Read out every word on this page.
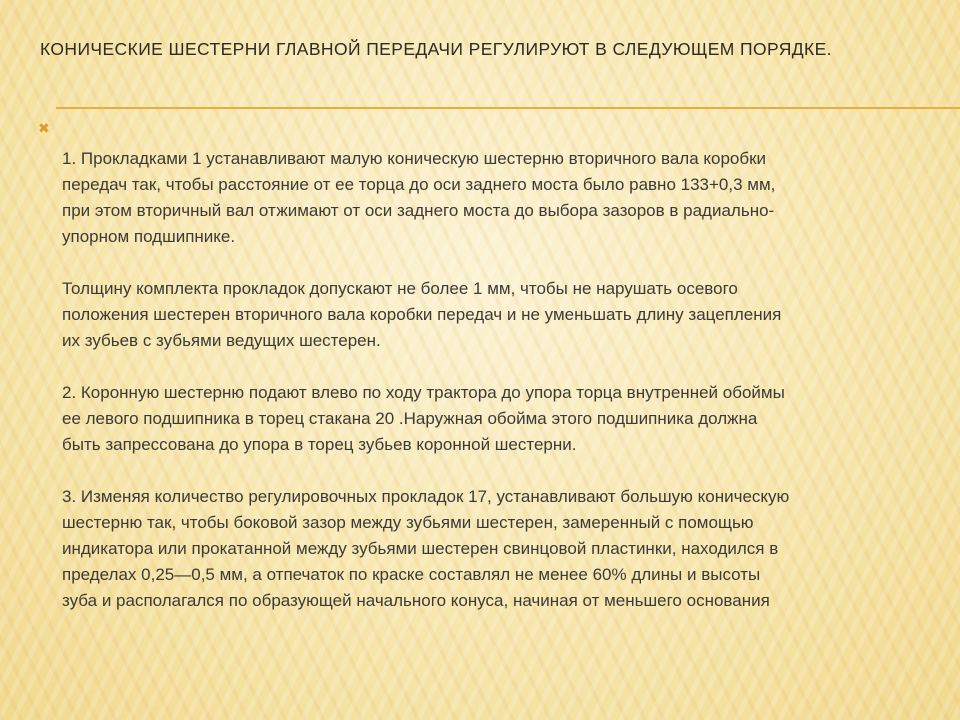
КОНИЧЕСКИЕ ШЕСТЕРНИ ГЛАВНОЙ ПЕРЕДАЧИ РЕГУЛИРУЮТ В СЛЕДУЮЩЕМ ПОРЯДКЕ.
✖

1. Прокладками 1 устанавливают малую коническую шестерню вторичного вала коробки
передач так, чтобы расстояние от ее торца до оси заднего моста было равно 133+0,3 мм,
при этом вторичный вал отжимают от оси заднего моста до выбора зазоров в радиально-
упорном подшипнике.

Толщину комплекта прокладок допускают не более 1 мм, чтобы не нарушать осевого
положения шестерен вторичного вала коробки передач и не уменьшать длину зацепления
их зубьев с зубьями ведущих шестерен.

2. Коронную шестерню подают влево по ходу трактора до упора торца внутренней обоймы
ее левого подшипника в торец стакана 20 .Наружная обойма этого подшипника должна
быть запрессована до упора в торец зубьев коронной шестерни.

3. Изменяя количество регулировочных прокладок 17, устанавливают большую коническую
шестерню так, чтобы боковой зазор между зубьями шестерен, замеренный с помощью
индикатора или прокатанной между зубьями шестерен свинцовой пластинки, находился в
пределах 0,25—0,5 мм, а отпечаток по краске составлял не менее 60% длины и высоты
зуба и располагался по образующей начального конуса, начиная от меньшего основания
